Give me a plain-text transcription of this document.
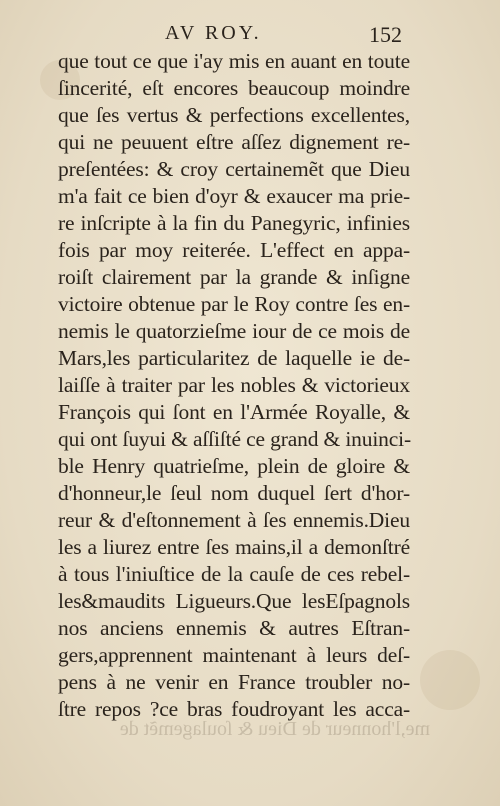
AV ROY.	152
que tout ce que i'ay mis en auant en toute
ſincerité, eſt encores beaucoup moindre
que ſes vertus & perfections excellentes,
qui ne peuuent eſtre aſſez dignement re-
preſentées: & croy certainemẽt que Dieu
m'a fait ce bien d'oyr & exaucer ma prie-
re inſcripte à la fin du Panegyric, infinies
fois par moy reiterée. L'effect en appa-
roiſt clairement par la grande & inſigne
victoire obtenue par le Roy contre ſes en-
nemis le quatorzieſme iour de ce mois de
Mars,les particularitez de laquelle ie de-
laiſſe à traiter par les nobles & victorieux
François qui ſont en l'Armée Royalle, &
qui ont ſuyui & aſſiſté ce grand & inuinci-
ble Henry quatrieſme, plein de gloire &
d'honneur,le ſeul nom duquel ſert d'hor-
reur & d'eſtonnement à ſes ennemis.Dieu
les a liurez entre ſes mains,il a demonſtré
à tous l'iniuſtice de la cauſe de ces rebel-
les&maudits Ligueurs.Que lesEſpagnols
nos anciens ennemis & autres Eſtran-
gers,apprennent maintenant à leurs deſ-
pens à ne venir en France troubler no-
ſtre repos ?ce bras foudroyant les acca-
me,l'honneur de Dieu & ſoulagemẽt de
